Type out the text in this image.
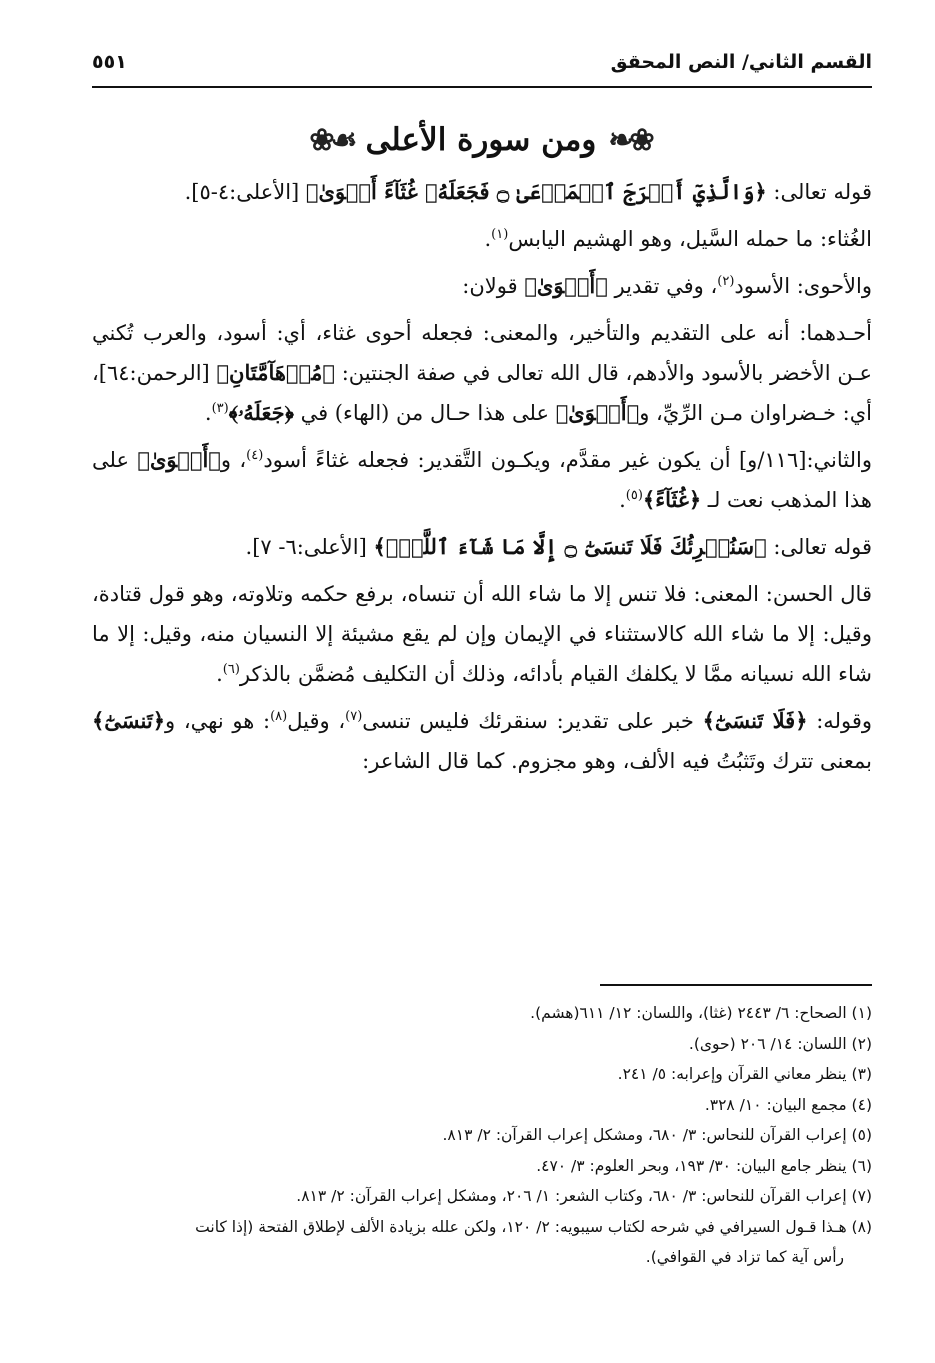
القسم الثاني/ النص المحقق
٥٥١
❀❧
ومن سورة الأعلى
☙❀

قوله تعالى: ﴿وَالَّذِيٓ أَخۡرَجَ ٱلۡمَرۡعَىٰ ۝ فَجَعَلَهُۥ غُثَآءً أَحۡوَىٰ﴾ [الأعلى:٤-٥].

الغُثاء: ما حمله السَّيل، وهو الهشيم اليابس$^{(١)}$.

والأحوى: الأسود$^{(٢)}$، وفي تقدير ﴿أَحۡوَىٰ﴾ قولان:

أحـدهما: أنه على التقديم والتأخير، والمعنى: فجعله أحوى غثاء، أي: أسود، والعرب تُكني عـن الأخضر بالأسود والأدهم، قال الله تعالى في صفة الجنتين: ﴿مُدۡهَآمَّتَانِ﴾ [الرحمن:٦٤]، أي: خـضراوان مـن الرِّيِّ، و﴿أَحۡوَىٰ﴾ على هذا حـال من (الهاء) في ﴿جَعَلَهُۥ﴾$^{(٣)}$.

والثاني:[١١٦/و] أن يكون غير مقدَّم، ويكـون التَّقدير: فجعله غثاءً أسود$^{(٤)}$، و﴿أَحۡوَىٰ﴾ على هذا المذهب نعت لـ ﴿غُثَآءً﴾$^{(٥)}$.

قوله تعالى: ﴿سَنُقۡرِئُكَ فَلَا تَنسَىٰٓ ۝ إِلَّا مَا شَآءَ ٱللَّهُۚ﴾ [الأعلى:٦- ٧].

قال الحسن: المعنى: فلا تنس إلا ما شاء الله أن تنساه، برفع حكمه وتلاوته، وهو قول قتادة، وقيل: إلا ما شاء الله كالاستثناء في الإيمان وإن لم يقع مشيئة إلا النسيان منه، وقيل: إلا ما شاء الله نسيانه ممَّا لا يكلفك القيام بأدائه، وذلك أن التكليف مُضمَّن بالذكر$^{(٦)}$.

وقوله: ﴿فَلَا تَنسَىٰٓ﴾ خبر على تقدير: سنقرئك فليس تنسى$^{(٧)}$، وقيل$^{(٨)}$: هو نهي، و﴿تَنسَىٰٓ﴾ بمعنى تترك وتَثبُتُ فيه الألف، وهو مجزوم. كما قال الشاعر:

(١) الصحاح: ٦/ ٢٤٤٣ (غثا)، واللسان: ١٢/ ٦١١(هشم).

(٢) اللسان: ١٤/ ٢٠٦ (حوى).

(٣) ينظر معاني القرآن وإعرابه: ٥/ ٢٤١.

(٤) مجمع البيان: ١٠/ ٣٢٨.

(٥) إعراب القرآن للنحاس: ٣/ ٦٨٠، ومشكل إعراب القرآن: ٢/ ٨١٣.

(٦) ينظر جامع البيان: ٣٠/ ١٩٣، وبحر العلوم: ٣/ ٤٧٠.

(٧) إعراب القرآن للنحاس: ٣/ ٦٨٠، وكتاب الشعر: ١/ ٢٠٦، ومشكل إعراب القرآن: ٢/ ٨١٣.

(٨) هـذا قـول السيرافي في شرحه لكتاب سيبويه: ٢/ ١٢٠، ولكن علله بزيادة الألف لإطلاق الفتحة (إذا كانت

رأس آية كما تزاد في القوافي).
